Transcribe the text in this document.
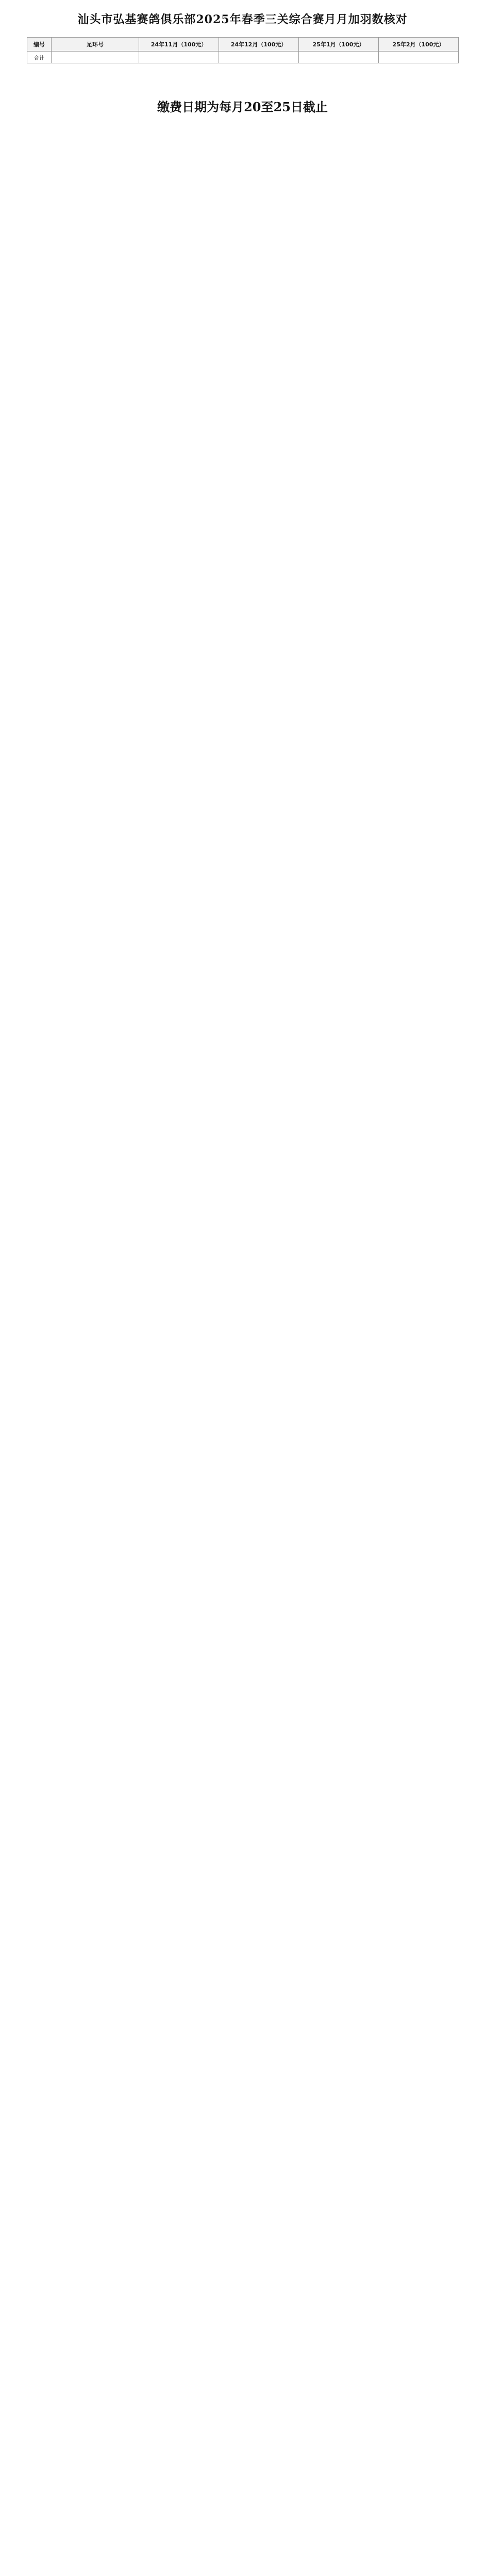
汕头市弘基赛鸽俱乐部2025年春季三关综合赛月月加羽数核对
编号	足环号	24年11月（100元）	24年12月（100元）	25年1月（100元）	25年2月（100元）
合计					
缴费日期为每月20至25日截止
